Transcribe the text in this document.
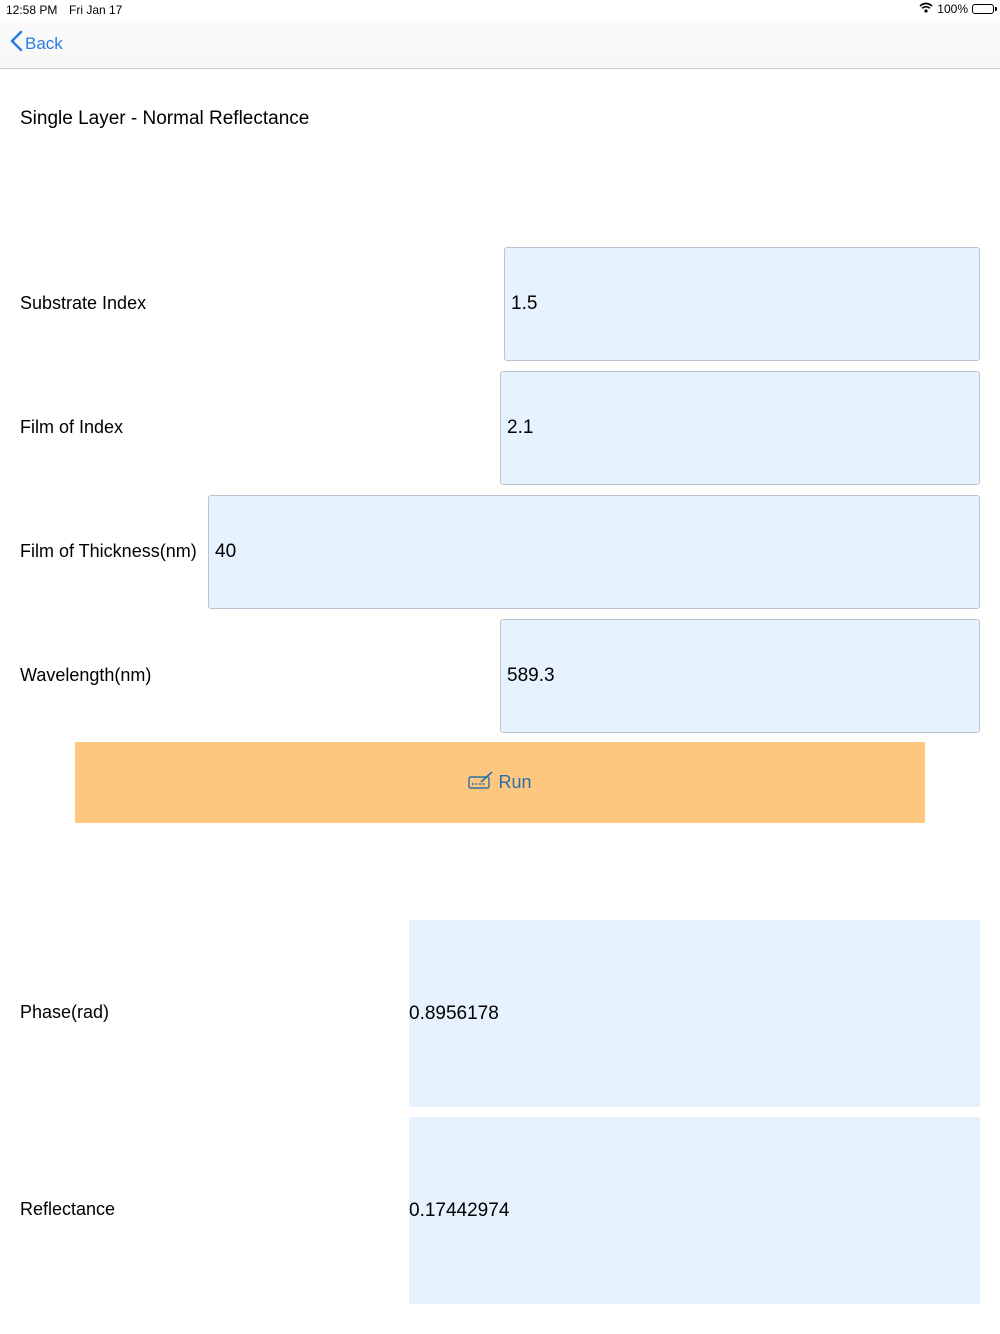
12:58 PM Fri Jan 17	100%
Back
Single Layer - Normal Reflectance
Substrate Index	1.5
Film of Index	2.1
Film of Thickness(nm) 40
Wavelength(nm)	589.3
Run
Phase(rad)	0.8956178
Reflectance	0.17442974
